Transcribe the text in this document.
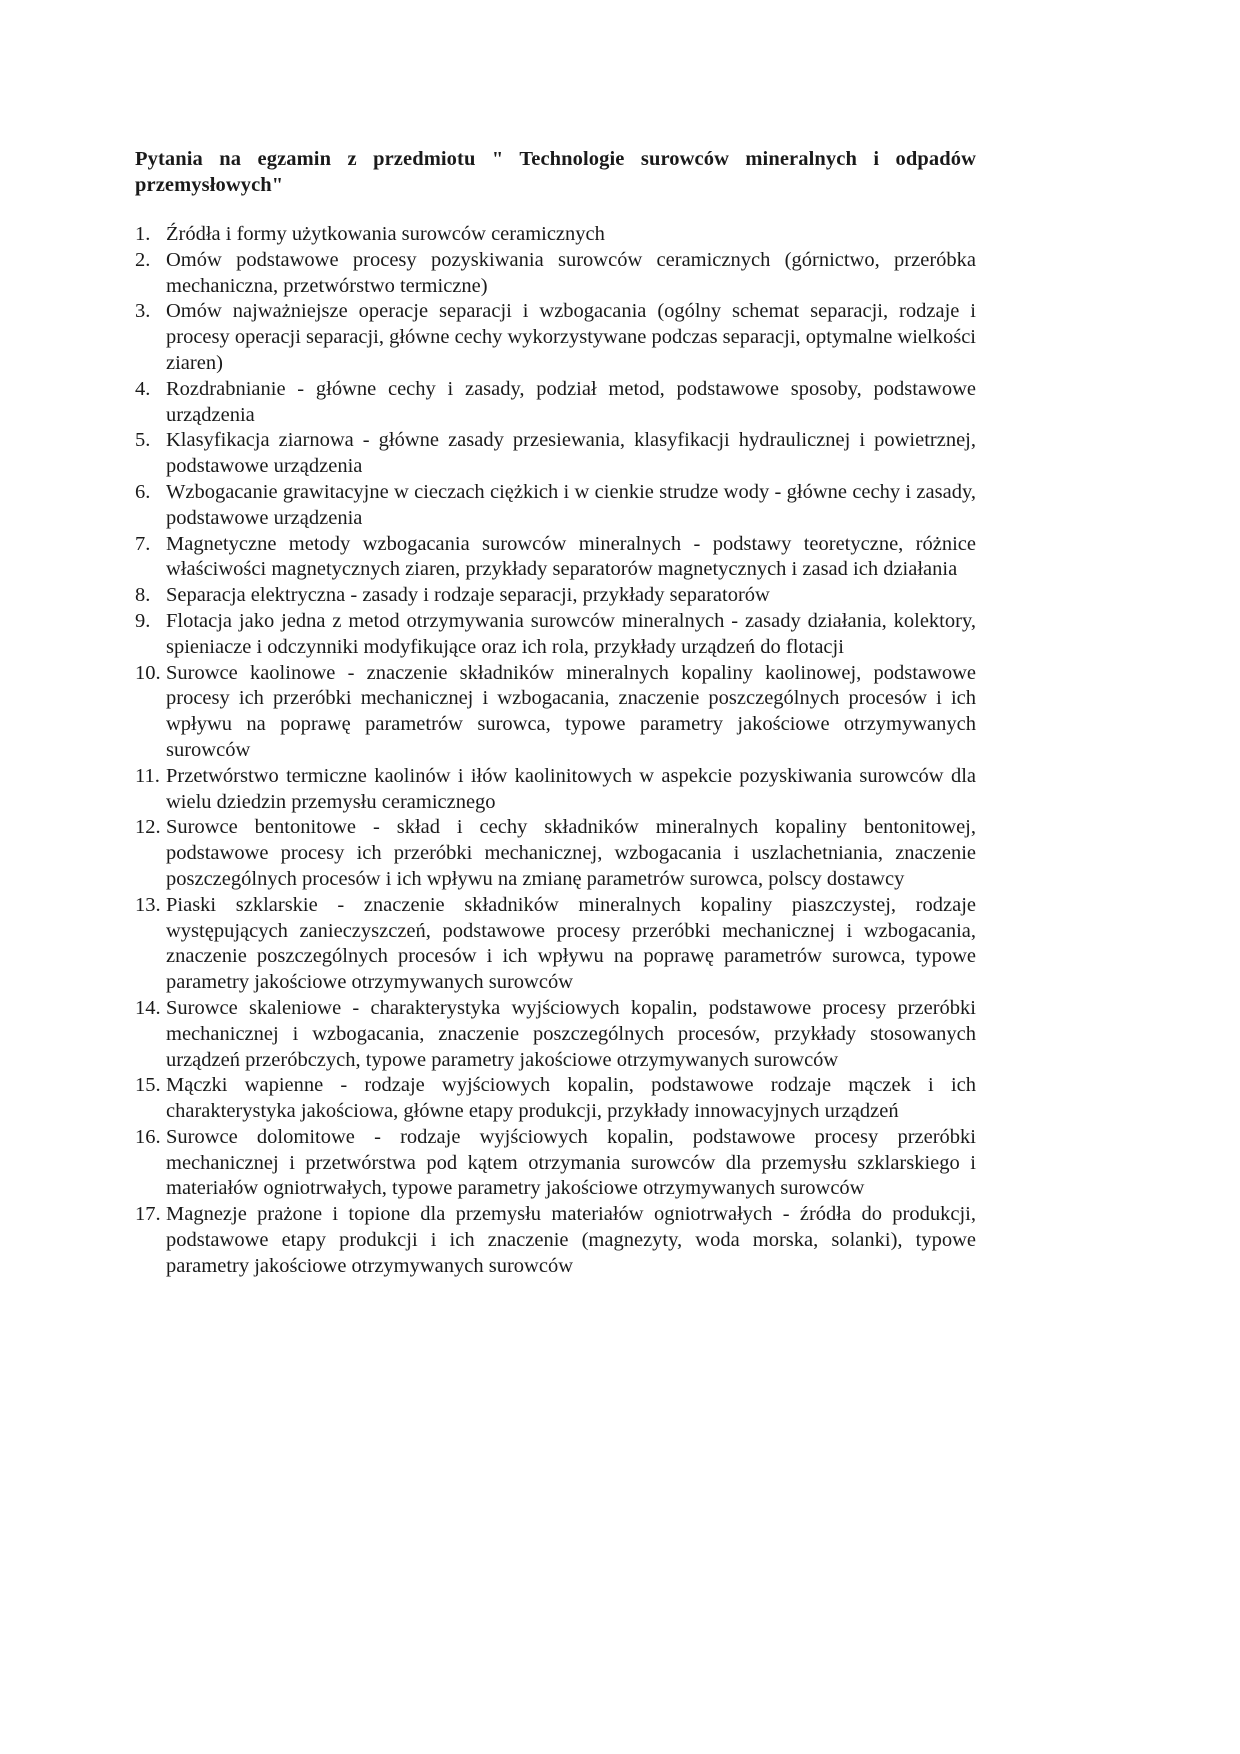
Pytania na egzamin z przedmiotu " Technologie surowców mineralnych i odpadów przemysłowych"

1. Źródła i formy użytkowania surowców ceramicznych
2. Omów podstawowe procesy pozyskiwania surowców ceramicznych (górnictwo, przeróbka mechaniczna, przetwórstwo termiczne)
3. Omów najważniejsze operacje separacji i wzbogacania (ogólny schemat separacji, rodzaje i procesy operacji separacji, główne cechy wykorzystywane podczas separacji, optymalne wielkości ziaren)
4. Rozdrabnianie - główne cechy i zasady, podział metod, podstawowe sposoby, podstawowe urządzenia
5. Klasyfikacja ziarnowa - główne zasady przesiewania, klasyfikacji hydraulicznej i powietrznej, podstawowe urządzenia
6. Wzbogacanie grawitacyjne w cieczach ciężkich i w cienkie strudze wody - główne cechy i zasady, podstawowe urządzenia
7. Magnetyczne metody wzbogacania surowców mineralnych - podstawy teoretyczne, różnice właściwości magnetycznych ziaren, przykłady separatorów magnetycznych i zasad ich działania
8. Separacja elektryczna - zasady i rodzaje separacji, przykłady separatorów
9. Flotacja jako jedna z metod otrzymywania surowców mineralnych - zasady działania, kolektory, spieniacze i odczynniki modyfikujące oraz ich rola, przykłady urządzeń do flotacji
10. Surowce kaolinowe - znaczenie składników mineralnych kopaliny kaolinowej, podstawowe procesy ich przeróbki mechanicznej i wzbogacania, znaczenie poszczególnych procesów i ich wpływu na poprawę parametrów surowca, typowe parametry jakościowe otrzymywanych surowców
11. Przetwórstwo termiczne kaolinów i iłów kaolinitowych w aspekcie pozyskiwania surowców dla wielu dziedzin przemysłu ceramicznego
12. Surowce bentonitowe - skład i cechy składników mineralnych kopaliny bentonitowej, podstawowe procesy ich przeróbki mechanicznej, wzbogacania i uszlachetniania, znaczenie poszczególnych procesów i ich wpływu na zmianę parametrów surowca, polscy dostawcy
13. Piaski szklarskie - znaczenie składników mineralnych kopaliny piaszczystej, rodzaje występujących zanieczyszczeń, podstawowe procesy przeróbki mechanicznej i wzbogacania, znaczenie poszczególnych procesów i ich wpływu na poprawę parametrów surowca, typowe parametry jakościowe otrzymywanych surowców
14. Surowce skaleniowe - charakterystyka wyjściowych kopalin, podstawowe procesy przeróbki mechanicznej i wzbogacania, znaczenie poszczególnych procesów, przykłady stosowanych urządzeń przeróbczych, typowe parametry jakościowe otrzymywanych surowców
15. Mączki wapienne - rodzaje wyjściowych kopalin, podstawowe rodzaje mączek i ich charakterystyka jakościowa, główne etapy produkcji, przykłady innowacyjnych urządzeń
16. Surowce dolomitowe - rodzaje wyjściowych kopalin, podstawowe procesy przeróbki mechanicznej i przetwórstwa pod kątem otrzymania surowców dla przemysłu szklarskiego i materiałów ogniotrwałych, typowe parametry jakościowe otrzymywanych surowców
17. Magnezje prażone i topione dla przemysłu materiałów ogniotrwałych - źródła do produkcji, podstawowe etapy produkcji i ich znaczenie (magnezyty, woda morska, solanki), typowe parametry jakościowe otrzymywanych surowców
